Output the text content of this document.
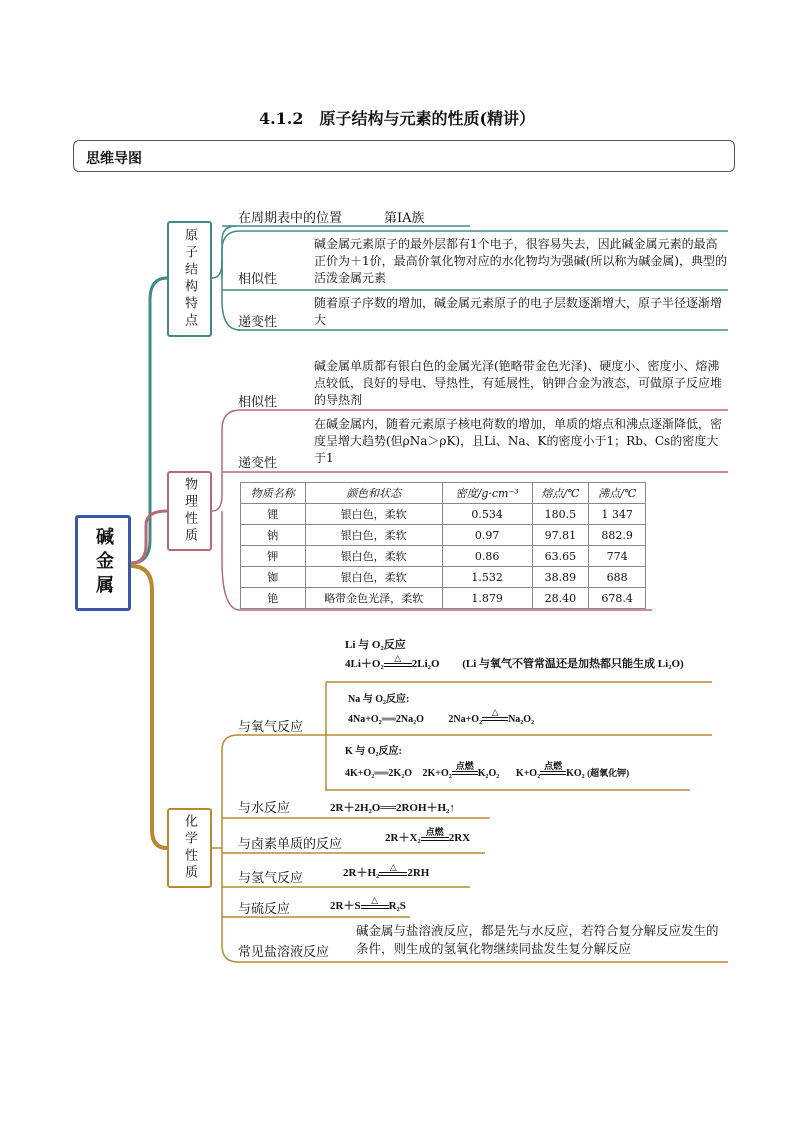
4.1.2　原子结构与元素的性质(精讲）
思维导图
碱金属
原子结构特点
物理性质
化学性质
在周期表中的位置	第ⅠA族
碱金属元素原子的最外层都有1个电子，很容易失去，因此碱金属元素的最高正价为＋1价，最高价氧化物对应的水化物均为强碱(所以称为碱金属)，典型的活泼金属元素
相似性
随着原子序数的增加，碱金属元素原子的电子层数逐渐增大，原子半径逐渐增大
递变性
碱金属单质都有银白色的金属光泽(铯略带金色光泽)、硬度小、密度小、熔沸点较低，良好的导电、导热性，有延展性，钠钾合金为液态，可做原子反应堆的导热剂
相似性
在碱金属内，随着元素原子核电荷数的增加，单质的熔点和沸点逐渐降低，密度呈增大趋势(但ρNa＞ρK)，且Li、Na、K的密度小于1；Rb、Cs的密度大于1
递变性
物质名称	颜色和状态	密度/g·cm⁻³	熔点/℃	沸点/℃
锂	银白色，柔软	0.534	180.5	1 347
钠	银白色，柔软	0.97	97.81	882.9
钾	银白色，柔软	0.86	63.65	774
铷	银白色，柔软	1.532	38.89	688
铯	略带金色光泽，柔软	1.879	28.40	678.4
Li 与 O₂反应
4Li＋O₂	△ 2Li₂O (Li 与氧气不管常温还是加热都只能生成 Li₂O)
与氧气反应
Na 与 O₂反应:
4Na+O₂══2Na₂O 2Na+O₂
△
Na₂O₂
K 与 O₂反应:
4K+O₂══2K₂O 2K+O₂
点燃
K₂O₂ K+O₂
点燃
KO₂ (超氧化钾)
与水反应	2R＋2H₂O══2ROH＋H₂↑
与卤素单质的反应	2R＋X₂ 点燃 2RX
与氢气反应	2R＋H₂	△ 2RH
与硫反应	2R＋S	△ R₂S
常见盐溶液反应
碱金属与盐溶液反应，都是先与水反应，若符合复分解反应发生的条件，则生成的氢氧化物继续同盐发生复分解反应
